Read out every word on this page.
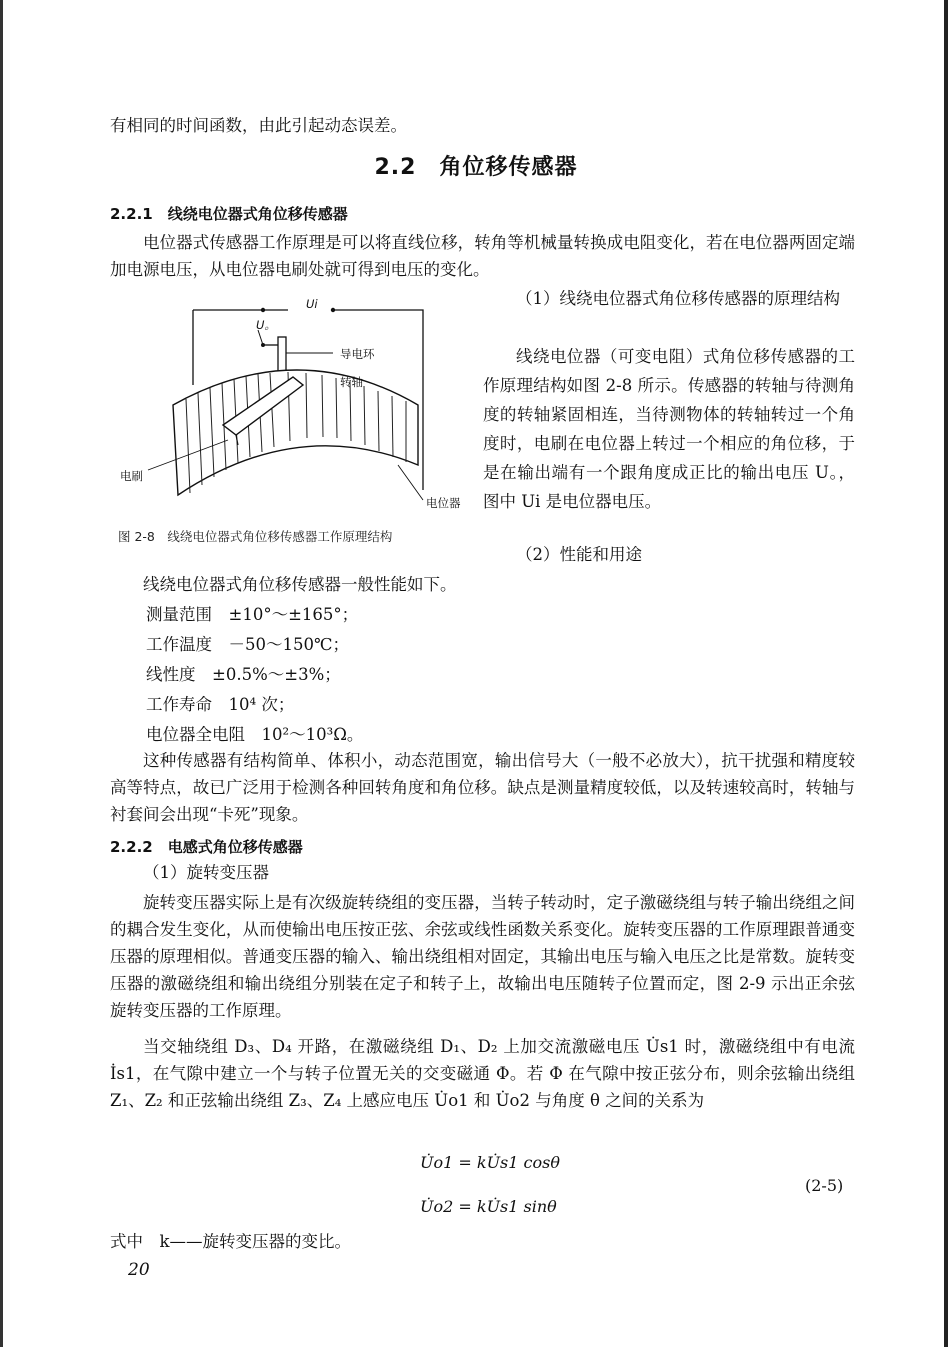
有相同的时间函数，由此引起动态误差。

2.2　角位移传感器
2.2.1　线绕电位器式角位移传感器

电位器式传感器工作原理是可以将直线位移，转角等机械量转换成电阻变化，若在电位器两固定端加电源电压，从电位器电刷处就可得到电压的变化。

Ui
U。
导电环
转轴
电刷
电位器
图 2-8　线绕电位器式角位移传感器工作原理结构

（1）线绕电位器式角位移传感器的原理结构

线绕电位器（可变电阻）式角位移传感器的工作原理结构如图 2-8 所示。传感器的转轴与待测角度的转轴紧固相连，当待测物体的转轴转过一个角度时，电刷在电位器上转过一个相应的角位移，于是在输出端有一个跟角度成正比的输出电压 U。，图中 Ui 是电位器电压。

（2）性能和用途

线绕电位器式角位移传感器一般性能如下。

测量范围　±10°～±165°；
工作温度　－50～150℃；
线性度　±0.5%～±3%；
工作寿命　10⁴ 次；
电位器全电阻　10²～10³Ω。

这种传感器有结构简单、体积小，动态范围宽，输出信号大（一般不必放大），抗干扰强和精度较高等特点，故已广泛用于检测各种回转角度和角位移。缺点是测量精度较低，以及转速较高时，转轴与衬套间会出现“卡死”现象。

2.2.2　电感式角位移传感器

（1）旋转变压器

旋转变压器实际上是有次级旋转绕组的变压器，当转子转动时，定子激磁绕组与转子输出绕组之间的耦合发生变化，从而使输出电压按正弦、余弦或线性函数关系变化。旋转变压器的工作原理跟普通变压器的原理相似。普通变压器的输入、输出绕组相对固定，其输出电压与输入电压之比是常数。旋转变压器的激磁绕组和输出绕组分别装在定子和转子上，故输出电压随转子位置而定，图 2-9 示出正余弦旋转变压器的工作原理。

当交轴绕组 D₃、D₄ 开路，在激磁绕组 D₁、D₂ 上加交流激磁电压 U̇s1 时，激磁绕组中有电流 İs1，在气隙中建立一个与转子位置无关的交变磁通 Φ。若 Φ 在气隙中按正弦分布，则余弦输出绕组 Z₁、Z₂ 和正弦输出绕组 Z₃、Z₄ 上感应电压 U̇o1 和 U̇o2 与角度 θ 之间的关系为

U̇o1 = kU̇s1 cosθ
U̇o2 = kU̇s1 sinθ
(2-5)
式中　k——旋转变压器的变比。
20
